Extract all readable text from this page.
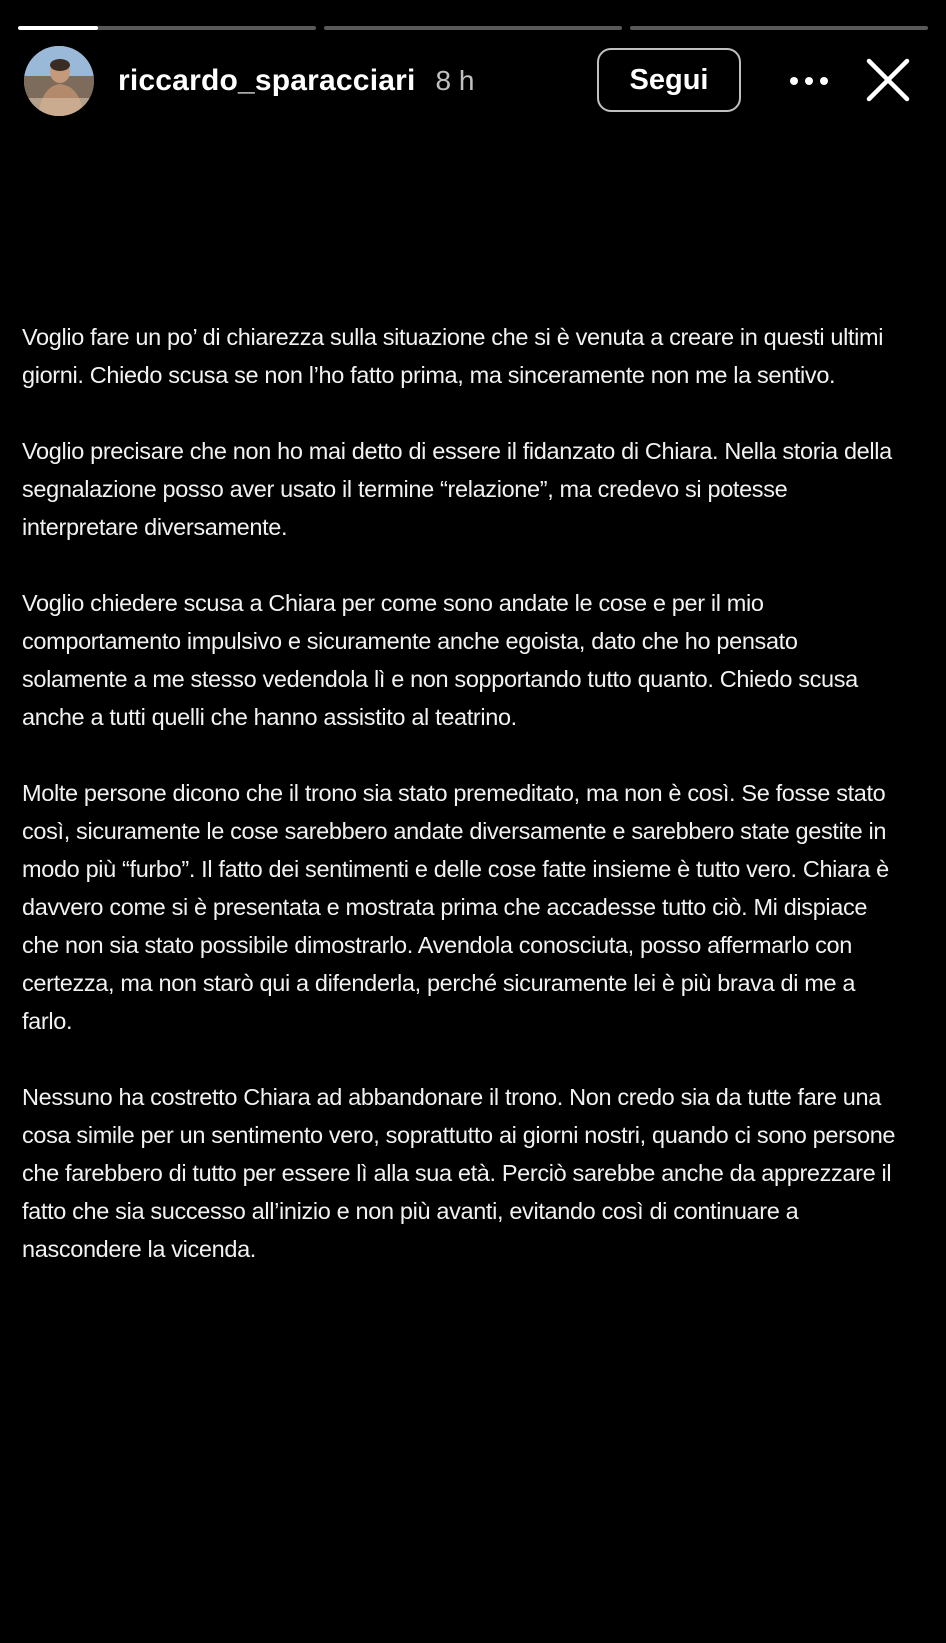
riccardo_sparacciari 8 h	Segui

Voglio fare un po’ di chiarezza sulla situazione che si è venuta a creare in questi ultimi giorni. Chiedo scusa se non l’ho fatto prima, ma sinceramente non me la sentivo.

Voglio precisare che non ho mai detto di essere il fidanzato di Chiara. Nella storia della segnalazione posso aver usato il termine “relazione”, ma credevo si potesse interpretare diversamente.

Voglio chiedere scusa a Chiara per come sono andate le cose e per il mio comportamento impulsivo e sicuramente anche egoista, dato che ho pensato solamente a me stesso vedendola lì e non sopportando tutto quanto. Chiedo scusa anche a tutti quelli che hanno assistito al teatrino.

Molte persone dicono che il trono sia stato premeditato, ma non è così. Se fosse stato così, sicuramente le cose sarebbero andate diversamente e sarebbero state gestite in modo più “furbo”. Il fatto dei sentimenti e delle cose fatte insieme è tutto vero. Chiara è davvero come si è presentata e mostrata prima che accadesse tutto ciò. Mi dispiace che non sia stato possibile dimostrarlo. Avendola conosciuta, posso affermarlo con certezza, ma non starò qui a difenderla, perché sicuramente lei è più brava di me a farlo.

Nessuno ha costretto Chiara ad abbandonare il trono. Non credo sia da tutte fare una cosa simile per un sentimento vero, soprattutto ai giorni nostri, quando ci sono persone che farebbero di tutto per essere lì alla sua età. Perciò sarebbe anche da apprezzare il fatto che sia successo all’inizio e non più avanti, evitando così di continuare a nascondere la vicenda.
